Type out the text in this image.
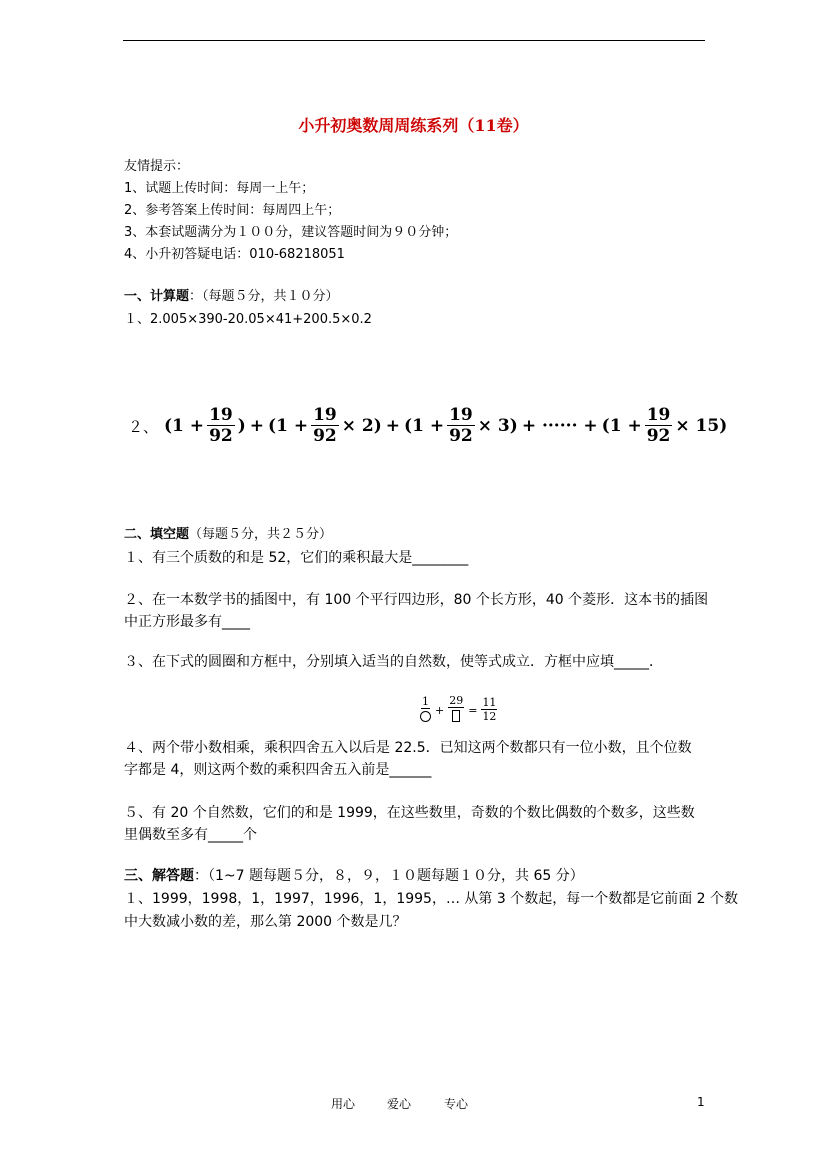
小升初奥数周周练系列（11卷）
友情提示：
1、试题上传时间：每周一上午；
2、参考答案上传时间：每周四上午；
3、本套试题满分为１００分，建议答题时间为９０分钟；
4、小升初答疑电话：010-68218051
一、计算题：（每题５分，共１０分）
１、2.005×390-20.05×41+200.5×0.2
２、 ($1 + \frac{19}{92}$ ) + $(1 + \frac{19}{92} \times 2) + (1 + \frac{19}{92} \times 3)$ + ······ + $(1 + \frac{19}{92} \times 15)$
二、填空题（每题５分，共２５分）
１、有三个质数的和是 52，它们的乘积最大是________
２、在一本数学书的插图中，有 100 个平行四边形，80 个长方形，40 个菱形．这本书的插图
中正方形最多有____
３、在下式的圆圈和方框中，分别填入适当的自然数，使等式成立．方框中应填_____．
1
+
29
= $\frac{11}{12}$
４、两个带小数相乘，乘积四舍五入以后是 22.5．已知这两个数都只有一位小数，且个位数
字都是 4，则这两个数的乘积四舍五入前是______
５、有 20 个自然数，它们的和是 1999，在这些数里，奇数的个数比偶数的个数多，这些数
里偶数至多有_____个
三、解答题：（1~7 题每题５分，８，９，１０题每题１０分，共 65 分）
１、1999，1998，1，1997，1996，1，1995，… 从第 3 个数起，每一个数都是它前面 2 个数
中大数减小数的差，那么第 2000 个数是几？
用心	爱心	专心	1
